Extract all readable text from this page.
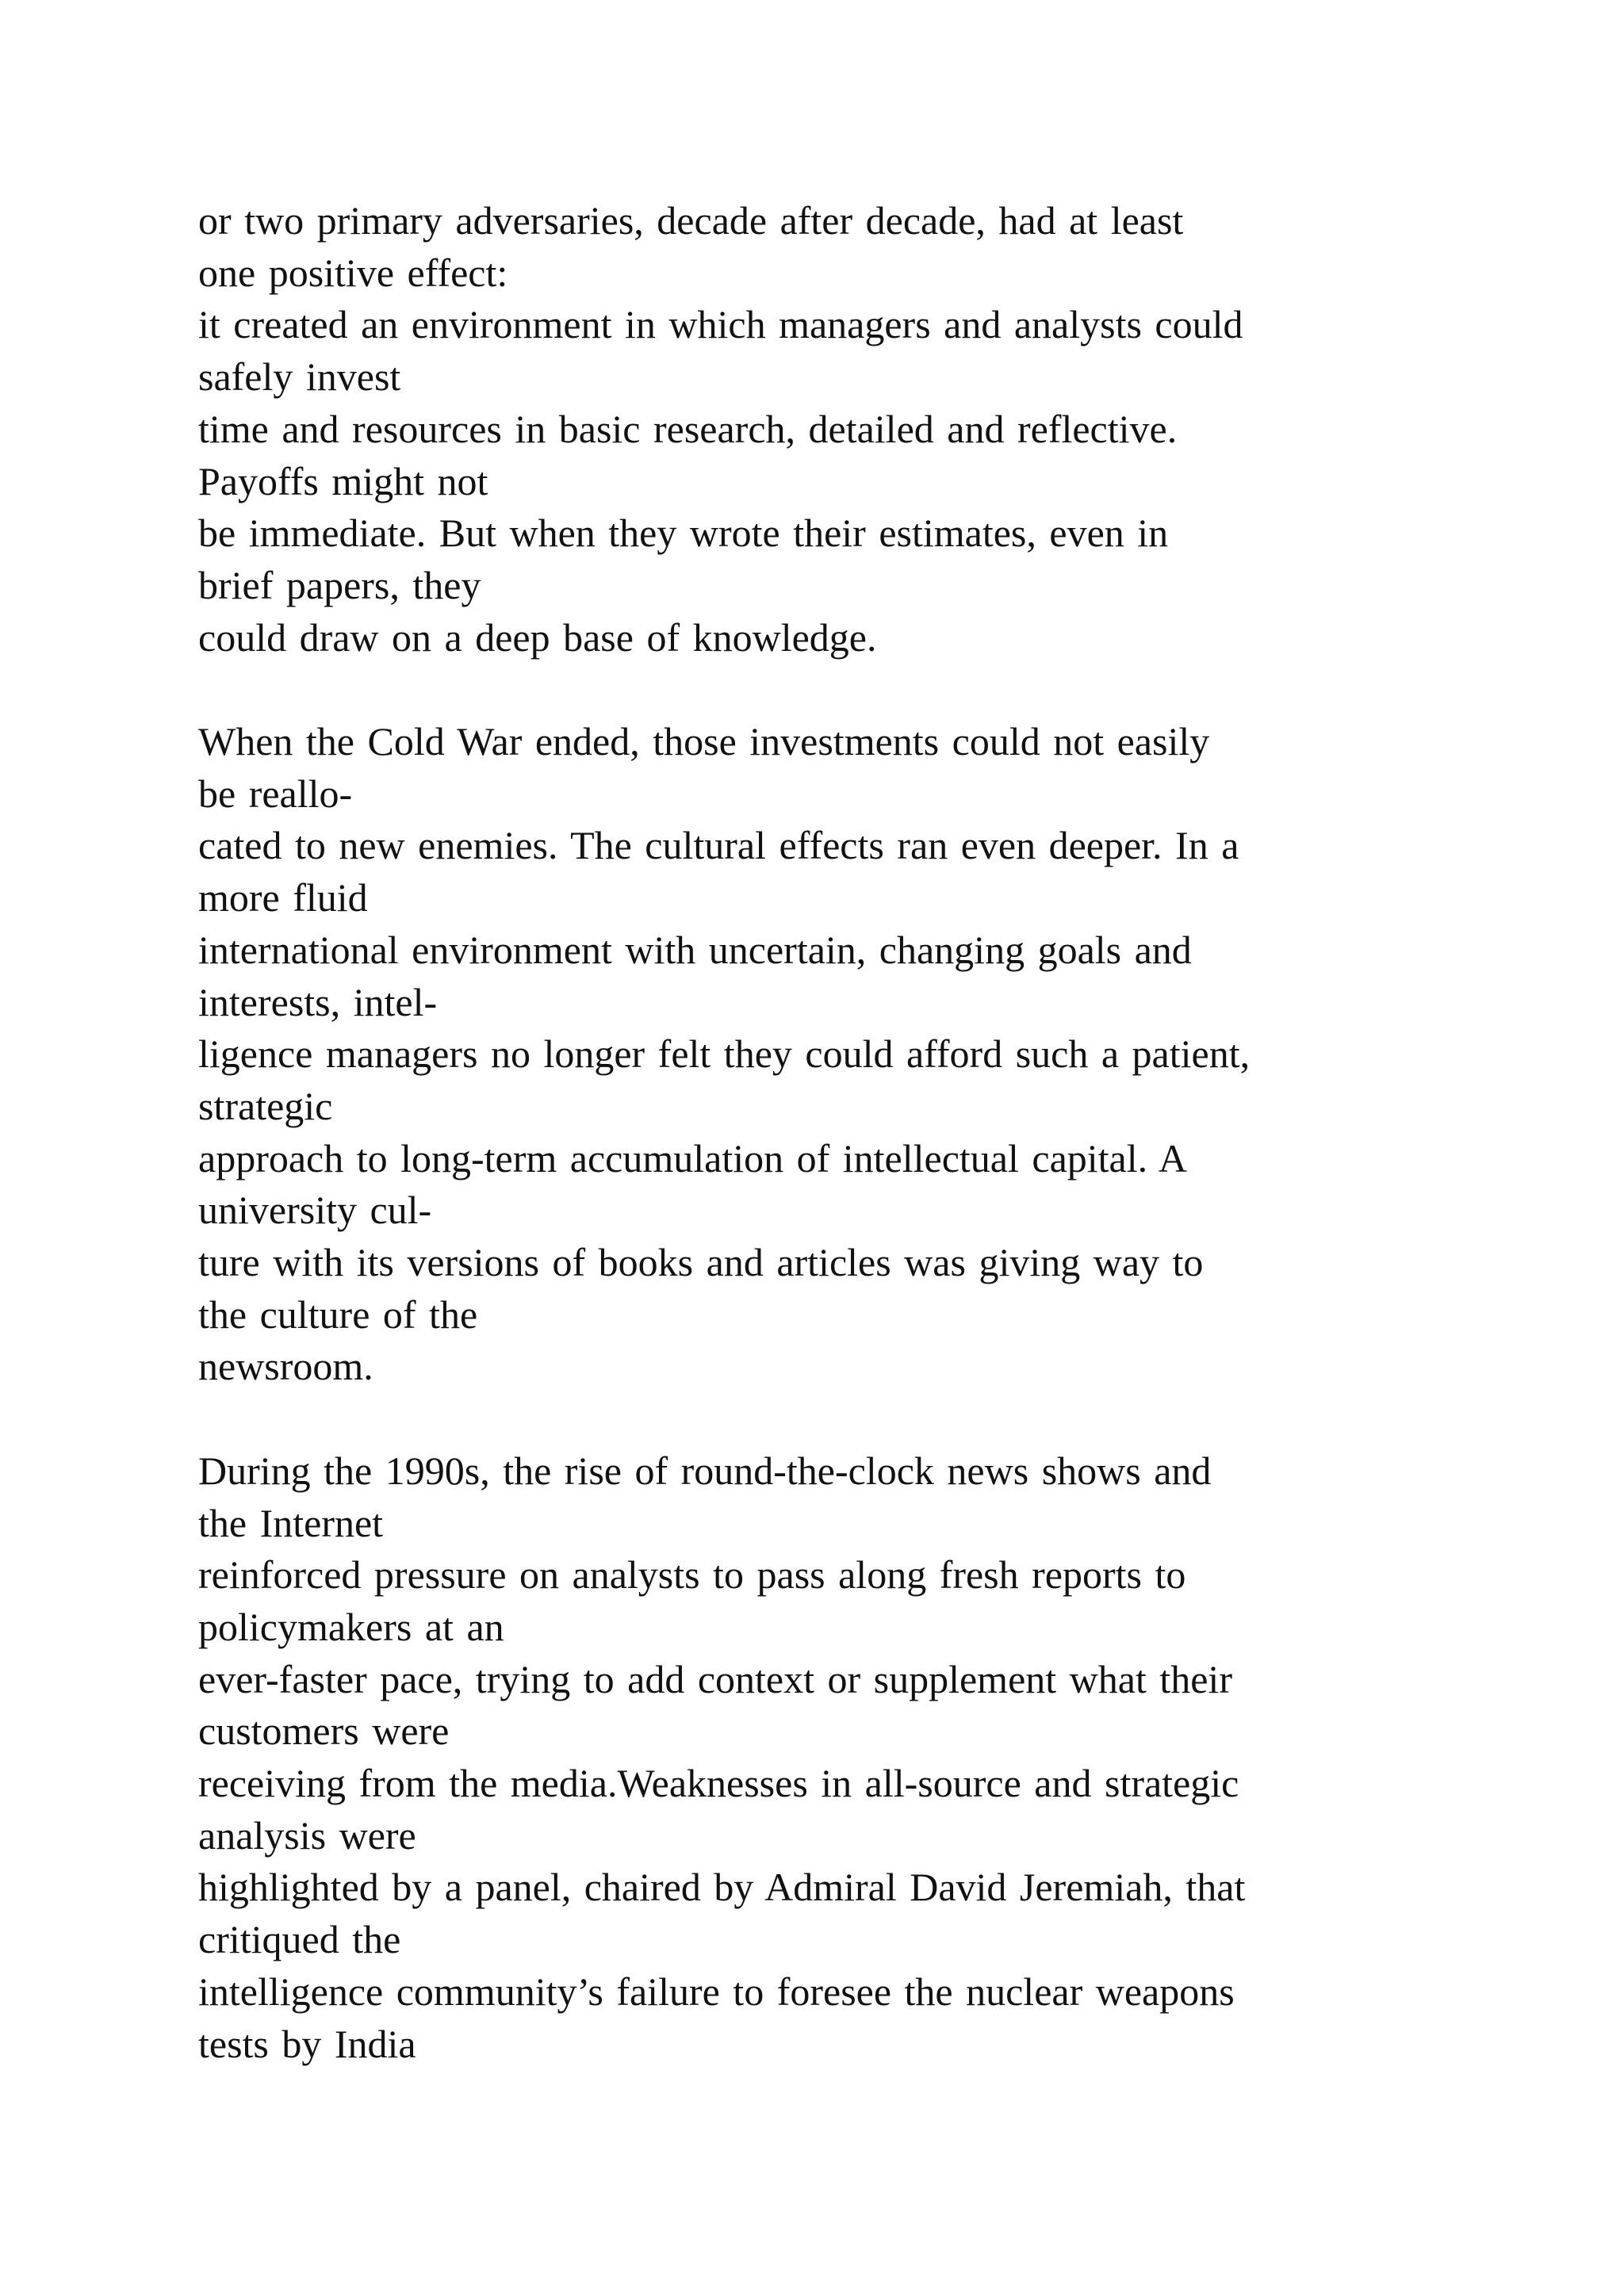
or two primary adversaries, decade after decade, had at least
one positive effect:
it created an environment in which managers and analysts could
safely invest
time and resources in basic research, detailed and reflective.
Payoffs might not
be immediate. But when they wrote their estimates, even in
brief papers, they
could draw on a deep base of knowledge.

When the Cold War ended, those investments could not easily
be reallo-
cated to new enemies. The cultural effects ran even deeper. In a
more fluid
international environment with uncertain, changing goals and
interests, intel-
ligence managers no longer felt they could afford such a patient,
strategic
approach to long-term accumulation of intellectual capital. A
university cul-
ture with its versions of books and articles was giving way to
the culture of the
newsroom.

During the 1990s, the rise of round-the-clock news shows and
the Internet
reinforced pressure on analysts to pass along fresh reports to
policymakers at an
ever-faster pace, trying to add context or supplement what their
customers were
receiving from the media.Weaknesses in all-source and strategic
analysis were
highlighted by a panel, chaired by Admiral David Jeremiah, that
critiqued the
intelligence community’s failure to foresee the nuclear weapons
tests by India
